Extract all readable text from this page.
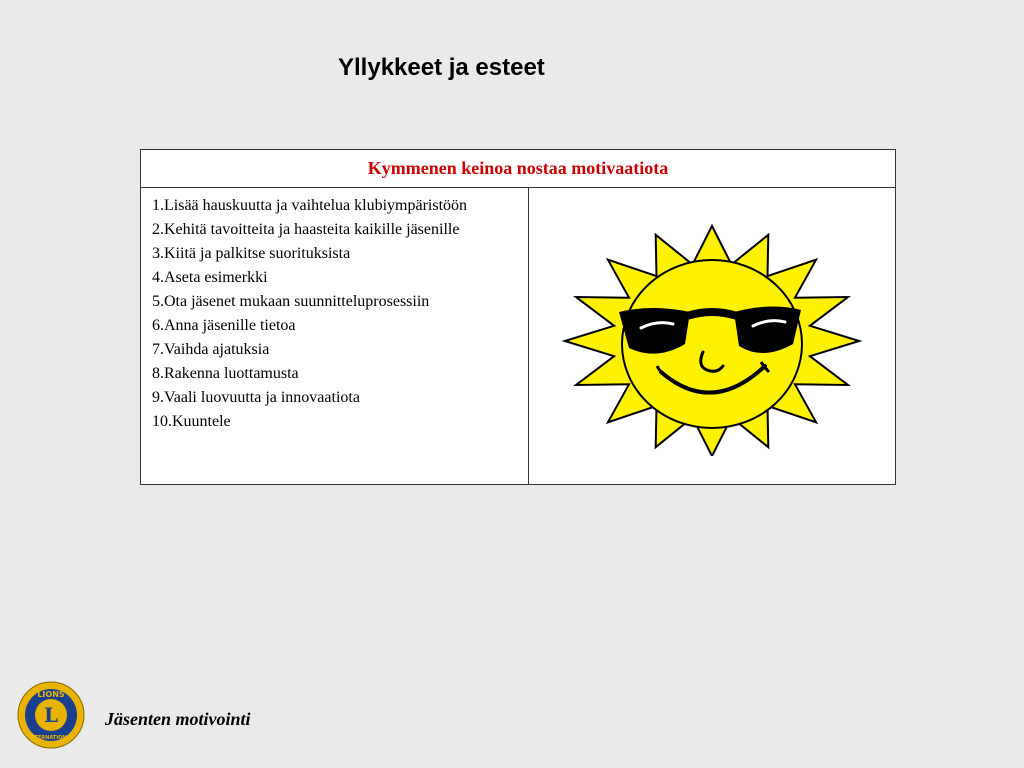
Yllykkeet ja esteet
Kymmenen keinoa nostaa motivaatiota

1.Lisää hauskuutta ja vaihtelua klubiympäristöön
2.Kehitä tavoitteita ja haasteita kaikille jäsenille
3.Kiitä ja palkitse suorituksista
4.Aseta esimerkki
5.Ota jäsenet mukaan suunnitteluprosessiin
6.Anna jäsenille tietoa
7.Vaihda ajatuksia
8.Rakenna luottamusta
9.Vaali luovuutta ja innovaatiota
10.Kuuntele

L
LIONS
INTERNATIONAL
Jäsenten motivointi
